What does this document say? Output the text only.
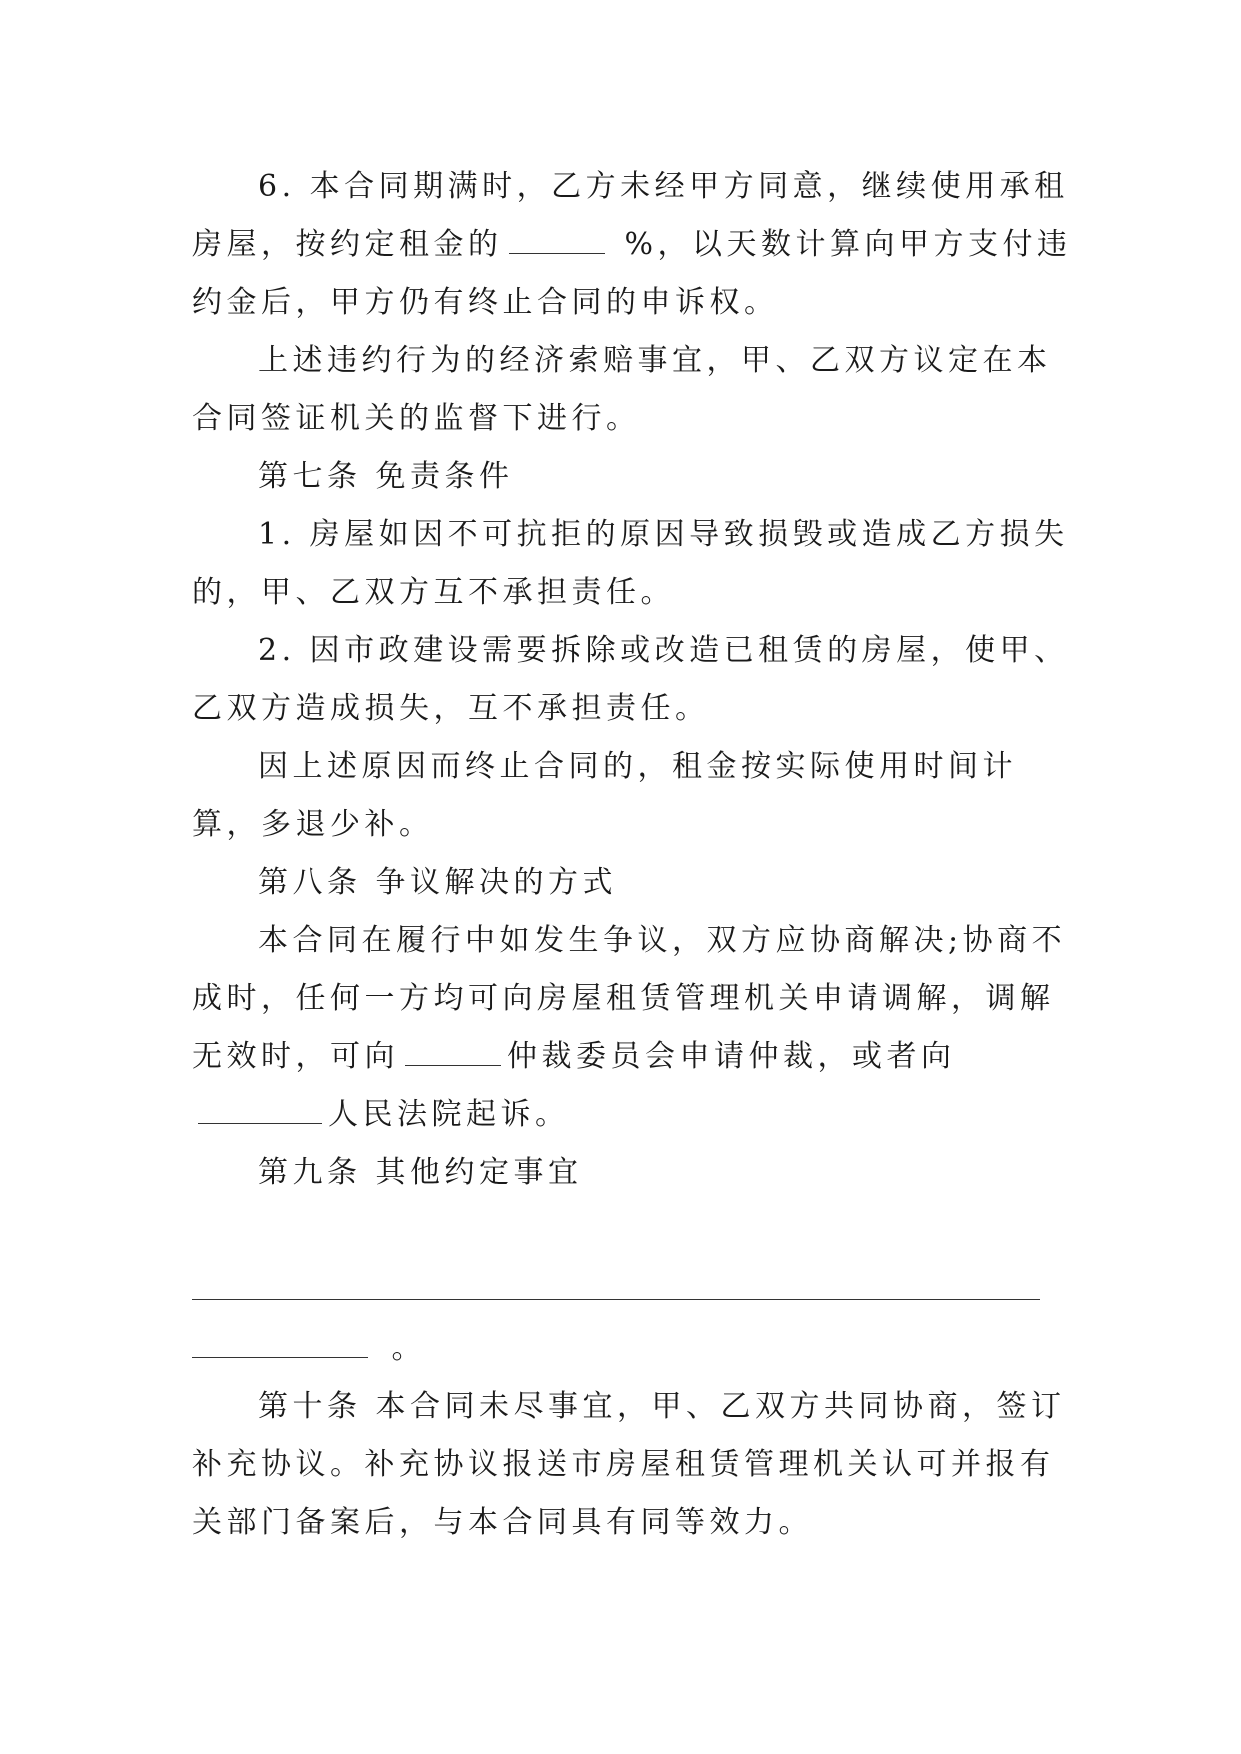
6. 本合同期满时，乙方未经甲方同意，继续使用承租房屋，按约定租金的	%，以天数计算向甲方支付违约金后，甲方仍有终止合同的申诉权。

上述违约行为的经济索赔事宜，甲、乙双方议定在本合同签证机关的监督下进行。

第七条 免责条件

1. 房屋如因不可抗拒的原因导致损毁或造成乙方损失的，甲、乙双方互不承担责任。

2. 因市政建设需要拆除或改造已租赁的房屋，使甲、乙双方造成损失，互不承担责任。

因上述原因而终止合同的，租金按实际使用时间计算，多退少补。

第八条 争议解决的方式

本合同在履行中如发生争议，双方应协商解决;协商不成时，任何一方均可向房屋租赁管理机关申请调解，调解无效时，可向	仲裁委员会申请仲裁，或者向人民法院起诉。

第九条 其他约定事宜

。

第十条 本合同未尽事宜，甲、乙双方共同协商，签订补充协议。补充协议报送市房屋租赁管理机关认可并报有关部门备案后，与本合同具有同等效力。
